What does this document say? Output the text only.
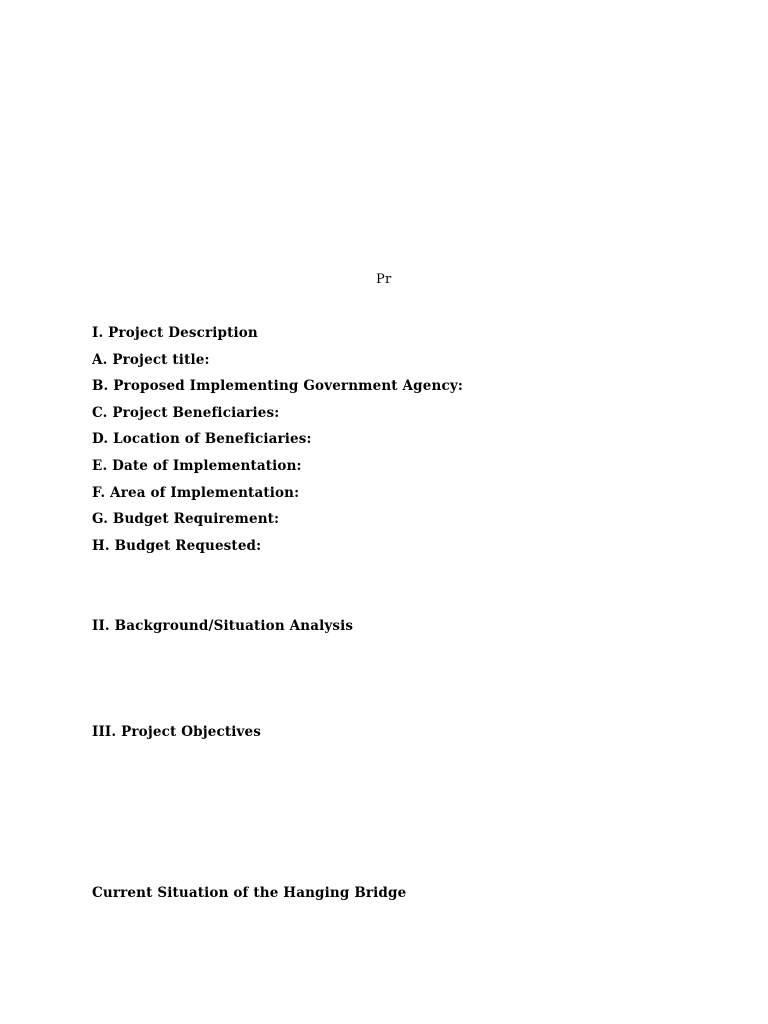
Pr
I. Project Description
A. Project title:
B. Proposed Implementing Government Agency:
C. Project Beneficiaries:
D. Location of Beneficiaries:
E. Date of Implementation:
F. Area of Implementation:
G. Budget Requirement:
H. Budget Requested:
II. Background/Situation Analysis
III. Project Objectives
Current Situation of the Hanging Bridge
